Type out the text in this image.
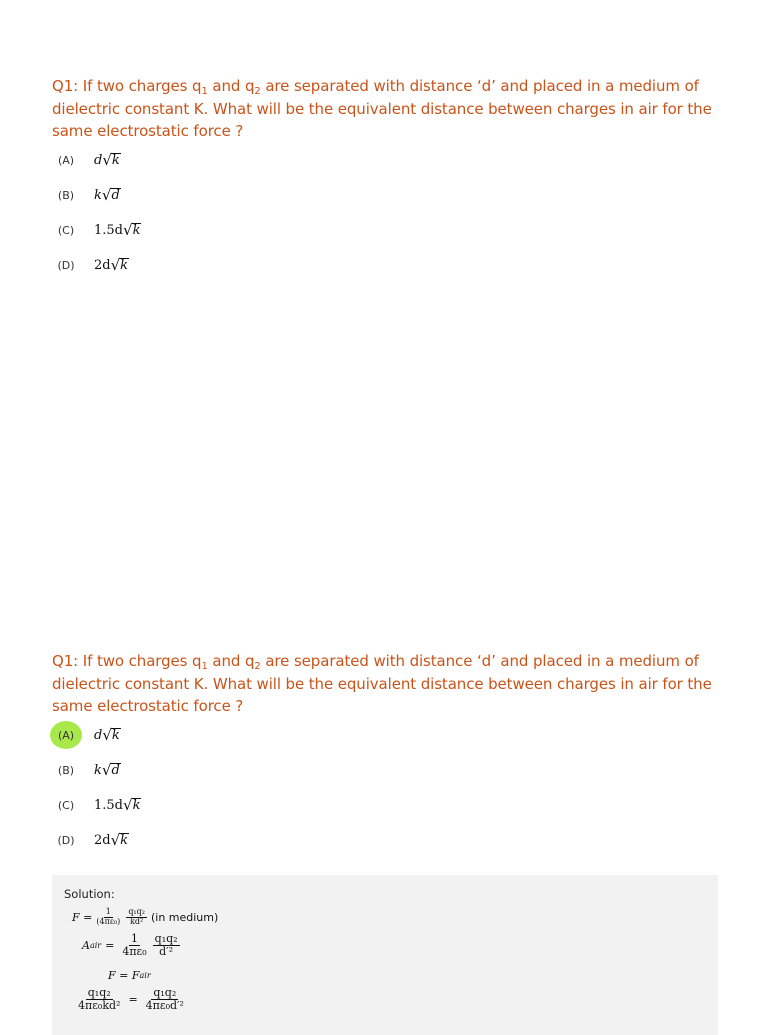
Q1: If two charges $q_1$ and $q_2$ are separated with distance ‘d’ and placed in a medium of dielectric constant K. What will be the equivalent distance between charges in air for the same electrostatic force ?

(A)	d √ k
(B)	k √ d
(C)	1.5d √ k
(D)	2d √ k

Q1: If two charges $q_1$ and $q_2$ are separated with distance ‘d’ and placed in a medium of dielectric constant K. What will be the equivalent distance between charges in air for the same electrostatic force ?

(A)	d √ k
(B)	k √ d
(C)	1.5d √ k
(D)	2d √ k
Solution:
$F = \frac{1}{\text{(4πε₀)}} \frac{\text{q₁q₂}}{\text{kd²}} (in$ medium)
A air = $\frac{1}{\text{4πε₀}} \frac{\text{q₁q₂}}{\text{d′²}}$
F = F air
$\frac{\text{q₁q₂}}{\text{4πε₀kd²}} = \frac{\text{q₁q₂}}{\text{4πε₀d′²}}$
